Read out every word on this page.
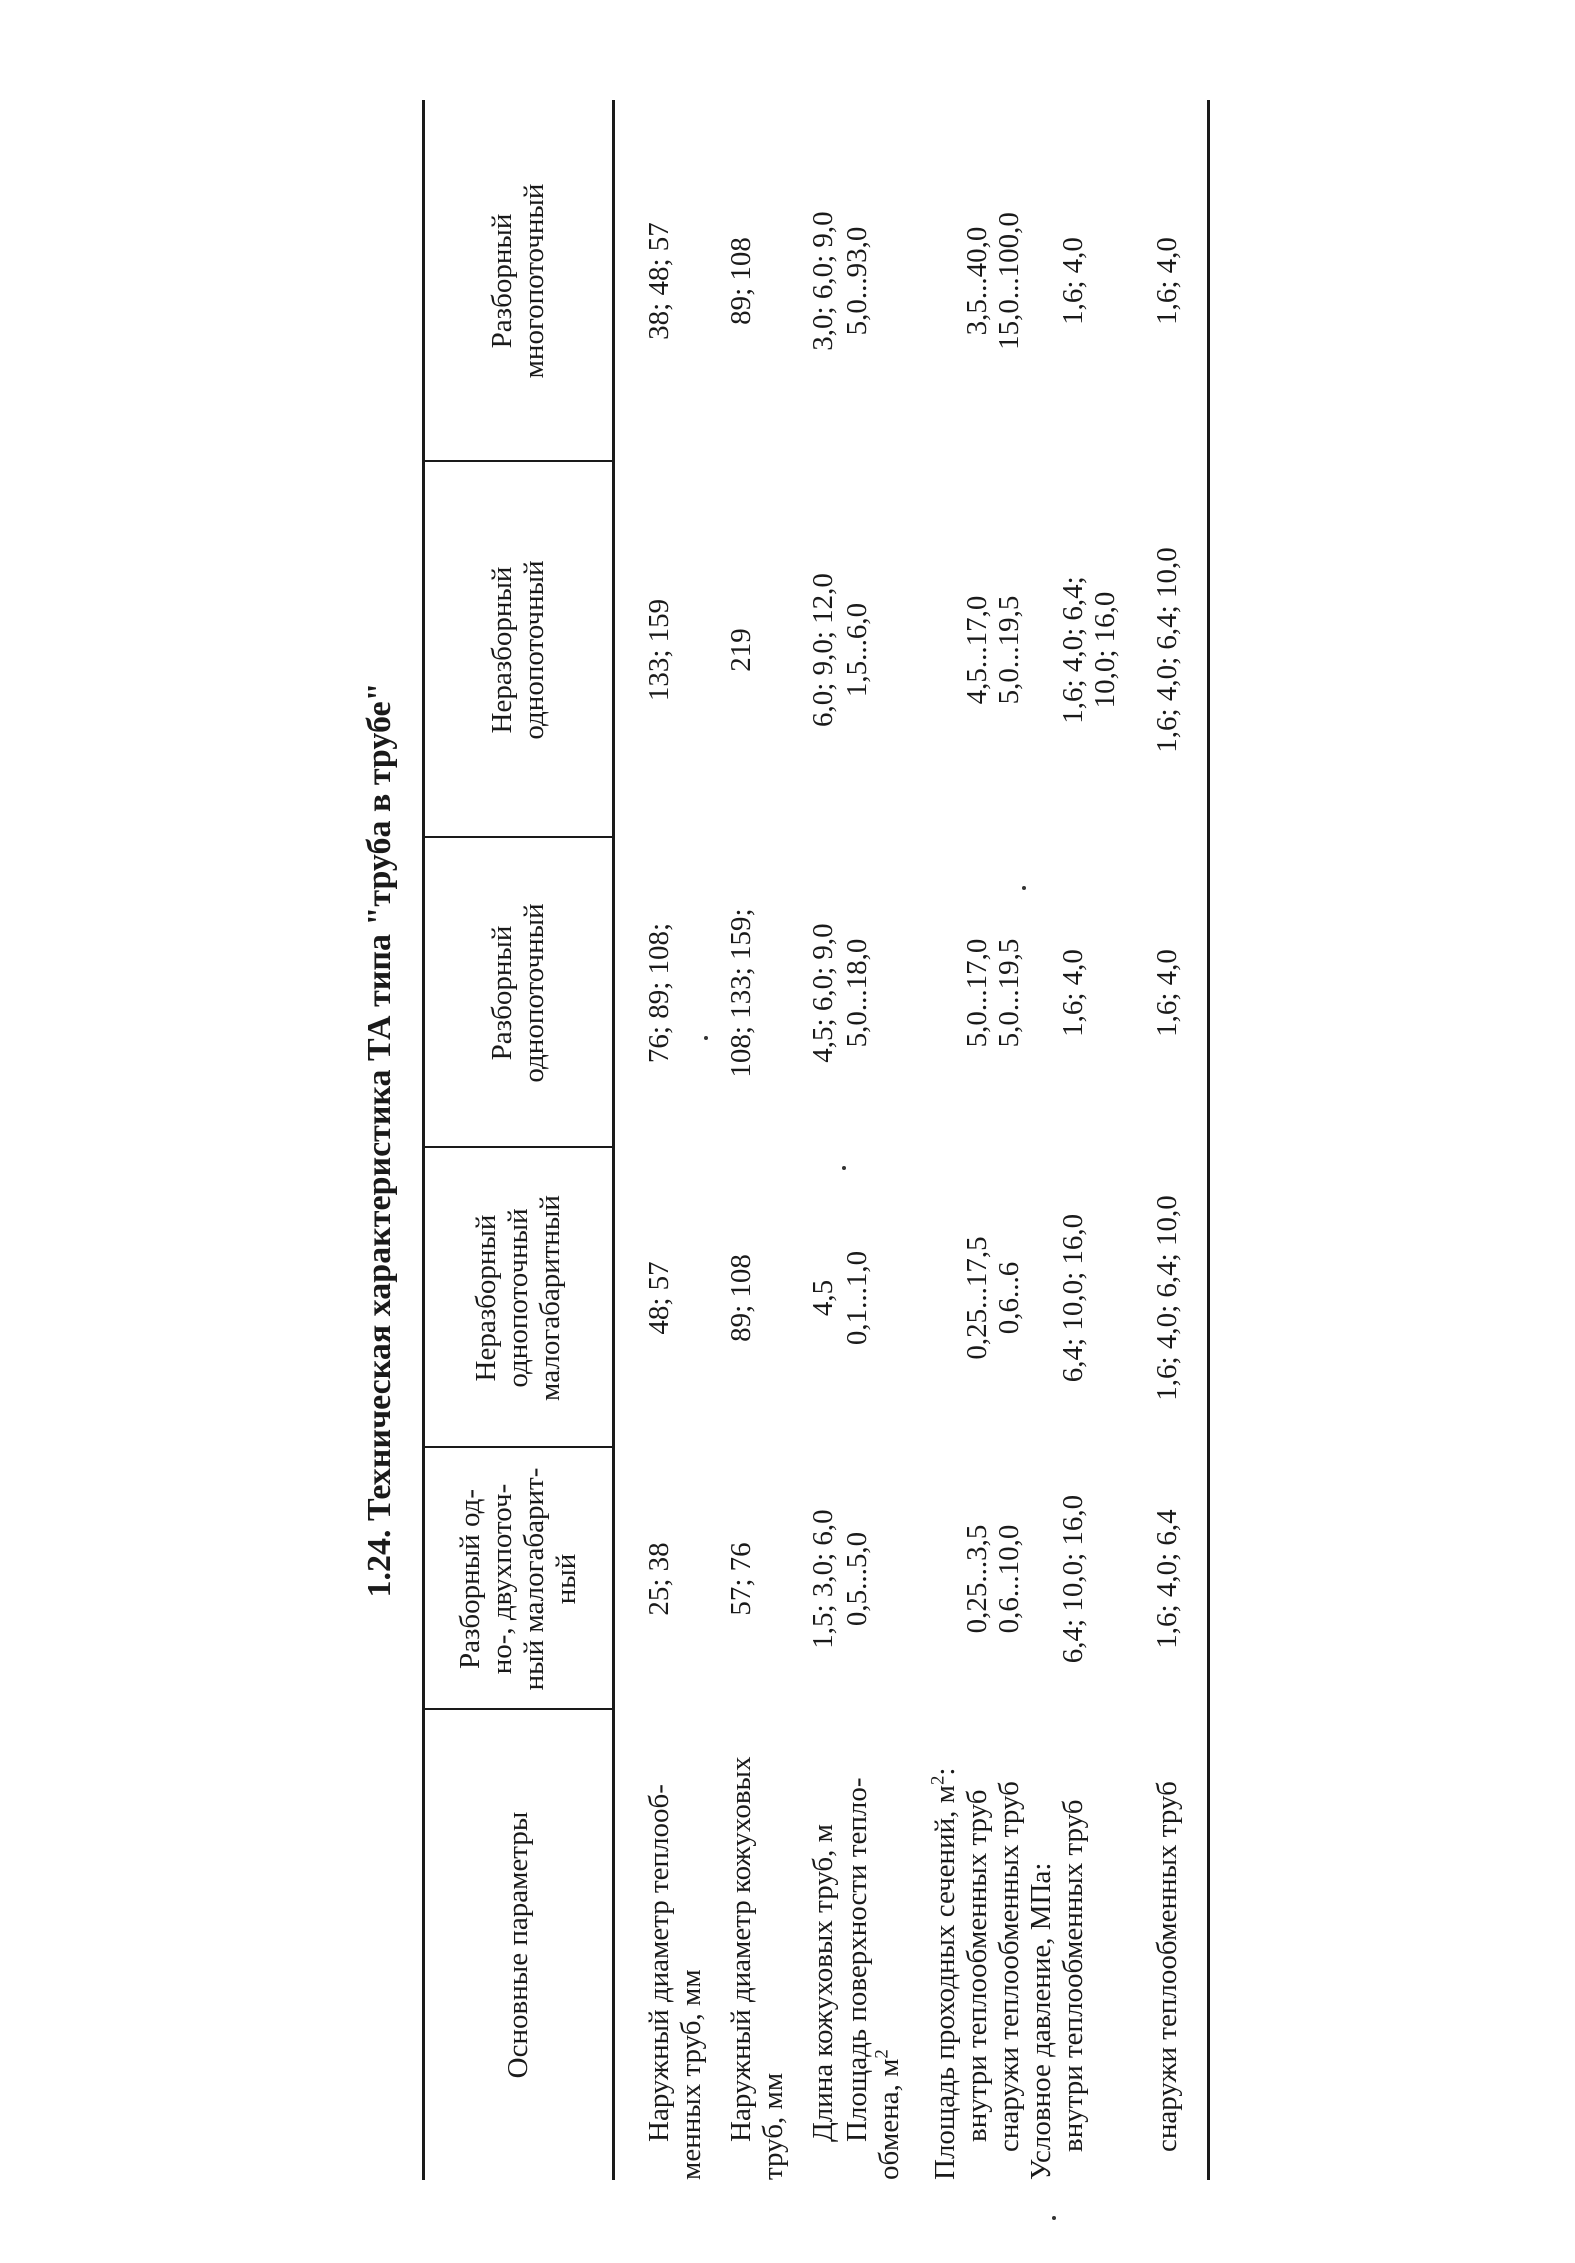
1.24. Техническая характеристика ТА типа "труба в трубе"
Основные параметры
Разборный од- но-, двухпоточ- ный малогабарит- ный
Неразборный однопоточный малогабаритный
Разборный однопоточный
Неразборный однопоточный
Разборный многопоточный
Наружный диаметр теплооб- менных труб, мм
25; 38
48; 57
76; 89; 108;
133; 159
38; 48; 57
Наружный диаметр кожуховых труб, мм
57; 76
89; 108
108; 133; 159;
219
89; 108
Длина кожуховых труб, м
1,5; 3,0; 6,0
4,5
4,5; 6,0; 9,0
6,0; 9,0; 12,0
3,0; 6,0; 9,0
Площадь поверхности тепло- обмена, $м^2$
0,5...5,0
0,1...1,0
5,0...18,0
1,5...6,0
5,0...93,0
Площадь проходных сечений, $м^2$:
внутри теплообменных труб снаружи теплообменных труб
0,25...3,5 0,6...10,0
0,25...17,5 0,6...6
5,0...17,0 5,0...19,5
4,5...17,0 5,0...19,5
3,5...40,0 15,0...100,0
Условное давление, МПа: внутри теплообменных труб
6,4; 10,0; 16,0
6,4; 10,0; 16,0
1,6; 4,0
1,6; 4,0; 6,4; 10,0; 16,0
1,6; 4,0
снаружи теплообменных труб
1,6; 4,0; 6,4
1,6; 4,0; 6,4; 10,0
1,6; 4,0
1,6; 4,0; 6,4; 10,0
1,6; 4,0
